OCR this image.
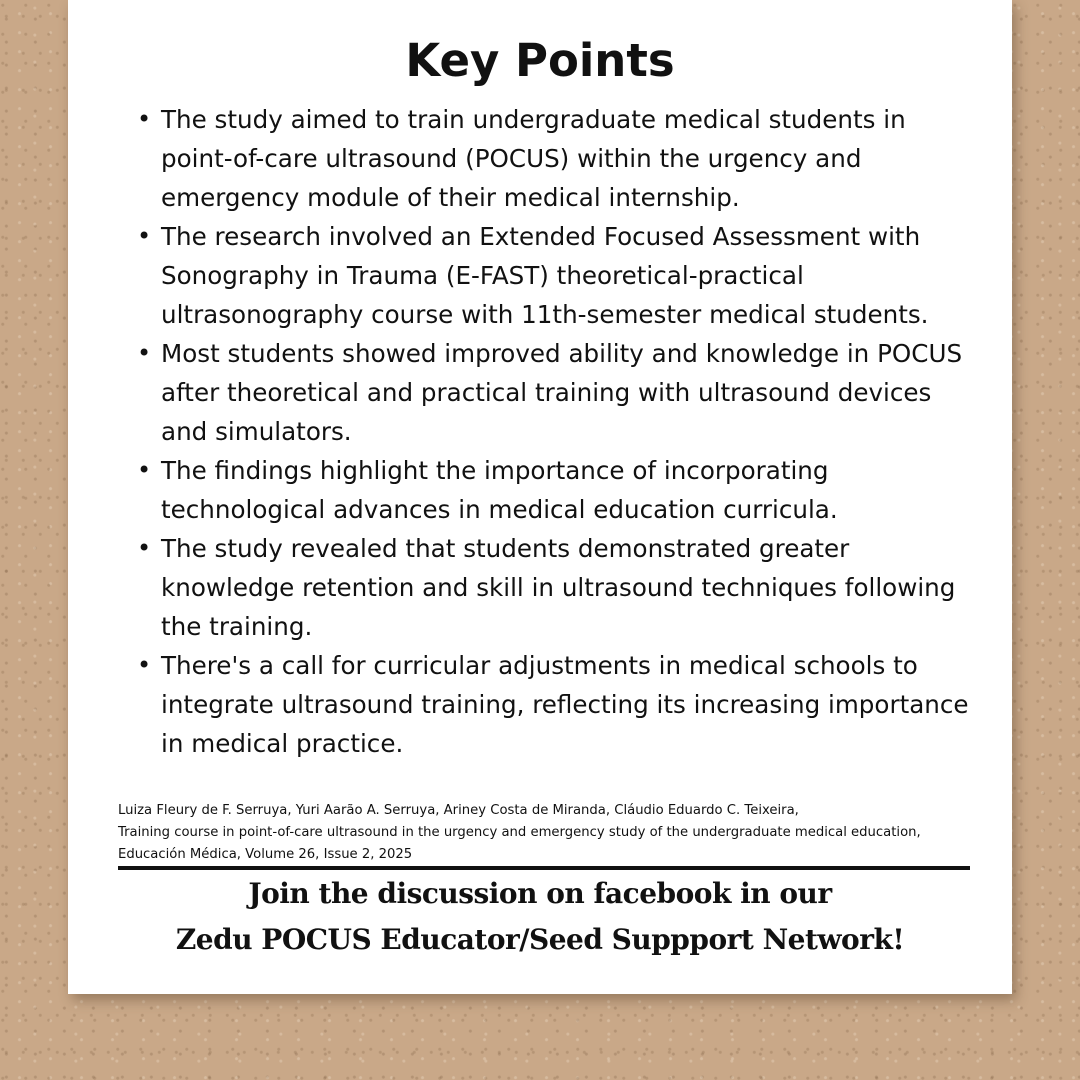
Key Points
• The study aimed to train undergraduate medical students in point-of-care ultrasound (POCUS) within the urgency and emergency module of their medical internship.
• The research involved an Extended Focused Assessment with Sonography in Trauma (E-FAST) theoretical-practical ultrasonography course with 11th-semester medical students.
• Most students showed improved ability and knowledge in POCUS after theoretical and practical training with ultrasound devices and simulators.
• The findings highlight the importance of incorporating technological advances in medical education curricula.
• The study revealed that students demonstrated greater knowledge retention and skill in ultrasound techniques following the training.
• There's a call for curricular adjustments in medical schools to integrate ultrasound training, reflecting its increasing importance in medical practice.
Luiza Fleury de F. Serruya, Yuri Aarão A. Serruya, Ariney Costa de Miranda, Cláudio Eduardo C. Teixeira,
Training course in point-of-care ultrasound in the urgency and emergency study of the undergraduate medical education, Educación Médica, Volume 26, Issue 2, 2025
Join the discussion on facebook in our
Zedu POCUS Educator/Seed Suppport Network!
